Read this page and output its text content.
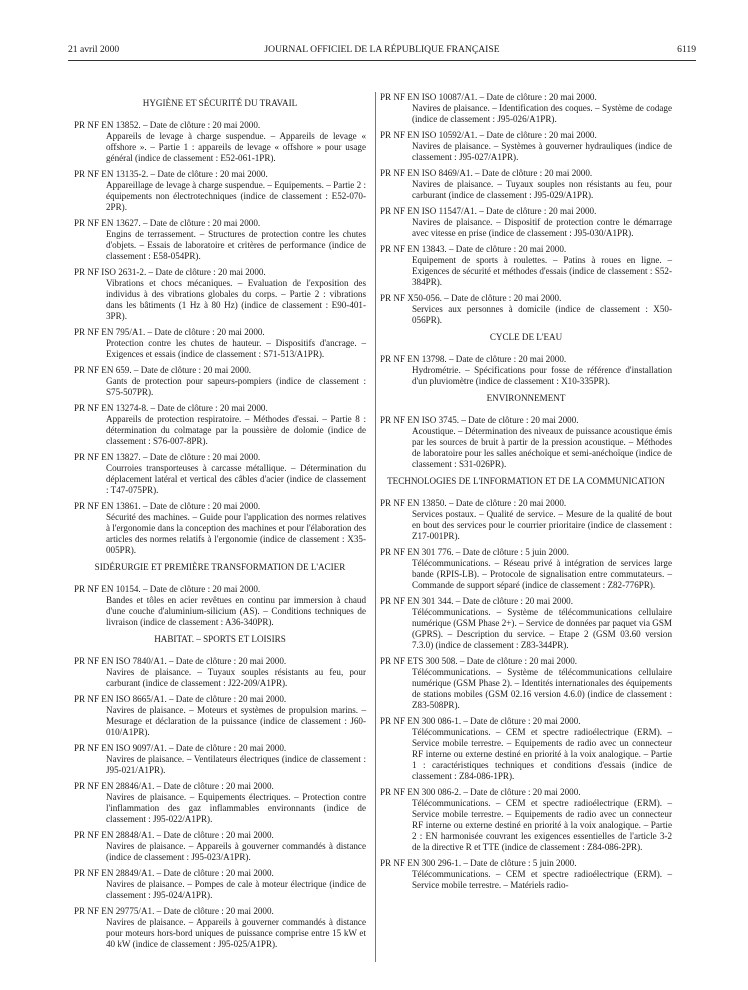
21 avril 2000	JOURNAL OFFICIEL DE LA RÉPUBLIQUE FRANÇAISE	6119
HYGIÈNE ET SÉCURITÉ DU TRAVAIL
PR NF EN 13852. – Date de clôture : 20 mai 2000.
Appareils de levage à charge suspendue. – Appareils de levage « offshore ». – Partie 1 : appareils de levage « offshore » pour usage général (indice de classement : E52-061-1PR).
PR NF EN 13135-2. – Date de clôture : 20 mai 2000.
Appareillage de levage à charge suspendue. – Equipements. – Partie 2 : équipements non électrotechniques (indice de classement : E52-070-2PR).
PR NF EN 13627. – Date de clôture : 20 mai 2000.
Engins de terrassement. – Structures de protection contre les chutes d'objets. – Essais de laboratoire et critères de performance (indice de classement : E58-054PR).
PR NF ISO 2631-2. – Date de clôture : 20 mai 2000.
Vibrations et chocs mécaniques. – Evaluation de l'exposition des individus à des vibrations globales du corps. – Partie 2 : vibrations dans les bâtiments (1 Hz à 80 Hz) (indice de classement : E90-401-3PR).
PR NF EN 795/A1. – Date de clôture : 20 mai 2000.
Protection contre les chutes de hauteur. – Dispositifs d'ancrage. – Exigences et essais (indice de classement : S71-513/A1PR).
PR NF EN 659. – Date de clôture : 20 mai 2000.
Gants de protection pour sapeurs-pompiers (indice de classement : S75-507PR).
PR NF EN 13274-8. – Date de clôture : 20 mai 2000.
Appareils de protection respiratoire. – Méthodes d'essai. – Partie 8 : détermination du colmatage par la poussière de dolomie (indice de classement : S76-007-8PR).
PR NF EN 13827. – Date de clôture : 20 mai 2000.
Courroies transporteuses à carcasse métallique. – Détermination du déplacement latéral et vertical des câbles d'acier (indice de classement : T47-075PR).
PR NF EN 13861. – Date de clôture : 20 mai 2000.
Sécurité des machines. – Guide pour l'application des normes relatives à l'ergonomie dans la conception des machines et pour l'élaboration des articles des normes relatifs à l'ergonomie (indice de classement : X35-005PR).
SIDÉRURGIE ET PREMIÈRE TRANSFORMATION DE L'ACIER
PR NF EN 10154. – Date de clôture : 20 mai 2000.
Bandes et tôles en acier revêtues en continu par immersion à chaud d'une couche d'aluminium-silicium (AS). – Conditions techniques de livraison (indice de classement : A36-340PR).
HABITAT. – SPORTS ET LOISIRS
PR NF EN ISO 7840/A1. – Date de clôture : 20 mai 2000.
Navires de plaisance. – Tuyaux souples résistants au feu, pour carburant (indice de classement : J22-209/A1PR).
PR NF EN ISO 8665/A1. – Date de clôture : 20 mai 2000.
Navires de plaisance. – Moteurs et systèmes de propulsion marins. – Mesurage et déclaration de la puissance (indice de classement : J60-010/A1PR).
PR NF EN ISO 9097/A1. – Date de clôture : 20 mai 2000.
Navires de plaisance. – Ventilateurs électriques (indice de classement : J95-021/A1PR).
PR NF EN 28846/A1. – Date de clôture : 20 mai 2000.
Navires de plaisance. – Equipements électriques. – Protection contre l'inflammation des gaz inflammables environnants (indice de classement : J95-022/A1PR).
PR NF EN 28848/A1. – Date de clôture : 20 mai 2000.
Navires de plaisance. – Appareils à gouverner commandés à distance (indice de classement : J95-023/A1PR).
PR NF EN 28849/A1. – Date de clôture : 20 mai 2000.
Navires de plaisance. – Pompes de cale à moteur électrique (indice de classement : J95-024/A1PR).
PR NF EN 29775/A1. – Date de clôture : 20 mai 2000.
Navires de plaisance. – Appareils à gouverner commandés à distance pour moteurs hors-bord uniques de puissance comprise entre 15 kW et 40 kW (indice de classement : J95-025/A1PR).
PR NF EN ISO 10087/A1. – Date de clôture : 20 mai 2000.
Navires de plaisance. – Identification des coques. – Système de codage (indice de classement : J95-026/A1PR).
PR NF EN ISO 10592/A1. – Date de clôture : 20 mai 2000.
Navires de plaisance. – Systèmes à gouverner hydrauliques (indice de classement : J95-027/A1PR).
PR NF EN ISO 8469/A1. – Date de clôture : 20 mai 2000.
Navires de plaisance. – Tuyaux souples non résistants au feu, pour carburant (indice de classement : J95-029/A1PR).
PR NF EN ISO 11547/A1. – Date de clôture : 20 mai 2000.
Navires de plaisance. – Dispositif de protection contre le démarrage avec vitesse en prise (indice de classement : J95-030/A1PR).
PR NF EN 13843. – Date de clôture : 20 mai 2000.
Equipement de sports à roulettes. – Patins à roues en ligne. – Exigences de sécurité et méthodes d'essais (indice de classement : S52-384PR).
PR NF X50-056. – Date de clôture : 20 mai 2000.
Services aux personnes à domicile (indice de classement : X50-056PR).
CYCLE DE L'EAU
PR NF EN 13798. – Date de clôture : 20 mai 2000.
Hydrométrie. – Spécifications pour fosse de référence d'installation d'un pluviomètre (indice de classement : X10-335PR).
ENVIRONNEMENT
PR NF EN ISO 3745. – Date de clôture : 20 mai 2000.
Acoustique. – Détermination des niveaux de puissance acoustique émis par les sources de bruit à partir de la pression acoustique. – Méthodes de laboratoire pour les salles anéchoïque et semi-anéchoïque (indice de classement : S31-026PR).
TECHNOLOGIES DE L'INFORMATION ET DE LA COMMUNICATION
PR NF EN 13850. – Date de clôture : 20 mai 2000.
Services postaux. – Qualité de service. – Mesure de la qualité de bout en bout des services pour le courrier prioritaire (indice de classement : Z17-001PR).
PR NF EN 301 776. – Date de clôture : 5 juin 2000.
Télécommunications. – Réseau privé à intégration de services large bande (RPIS-LB). – Protocole de signalisation entre commutateurs. – Commande de support séparé (indice de classement : Z82-776PR).
PR NF EN 301 344. – Date de clôture : 20 mai 2000.
Télécommunications. – Système de télécommunications cellulaire numérique (GSM Phase 2+). – Service de données par paquet via GSM (GPRS). – Description du service. – Etape 2 (GSM 03.60 version 7.3.0) (indice de classement : Z83-344PR).
PR NF ETS 300 508. – Date de clôture : 20 mai 2000.
Télécommunications. – Système de télécommunications cellulaire numérique (GSM Phase 2). – Identités internationales des équipements de stations mobiles (GSM 02.16 version 4.6.0) (indice de classement : Z83-508PR).
PR NF EN 300 086-1. – Date de clôture : 20 mai 2000.
Télécommunications. – CEM et spectre radioélectrique (ERM). – Service mobile terrestre. – Equipements de radio avec un connecteur RF interne ou externe destiné en priorité à la voix analogique. – Partie 1 : caractéristiques techniques et conditions d'essais (indice de classement : Z84-086-1PR).
PR NF EN 300 086-2. – Date de clôture : 20 mai 2000.
Télécommunications. – CEM et spectre radioélectrique (ERM). – Service mobile terrestre. – Equipements de radio avec un connecteur RF interne ou externe destiné en priorité à la voix analogique. – Partie 2 : EN harmonisée couvrant les exigences essentielles de l'article 3-2 de la directive R et TTE (indice de classement : Z84-086-2PR).
PR NF EN 300 296-1. – Date de clôture : 5 juin 2000.
Télécommunications. – CEM et spectre radioélectrique (ERM). – Service mobile terrestre. – Matériels radio-
